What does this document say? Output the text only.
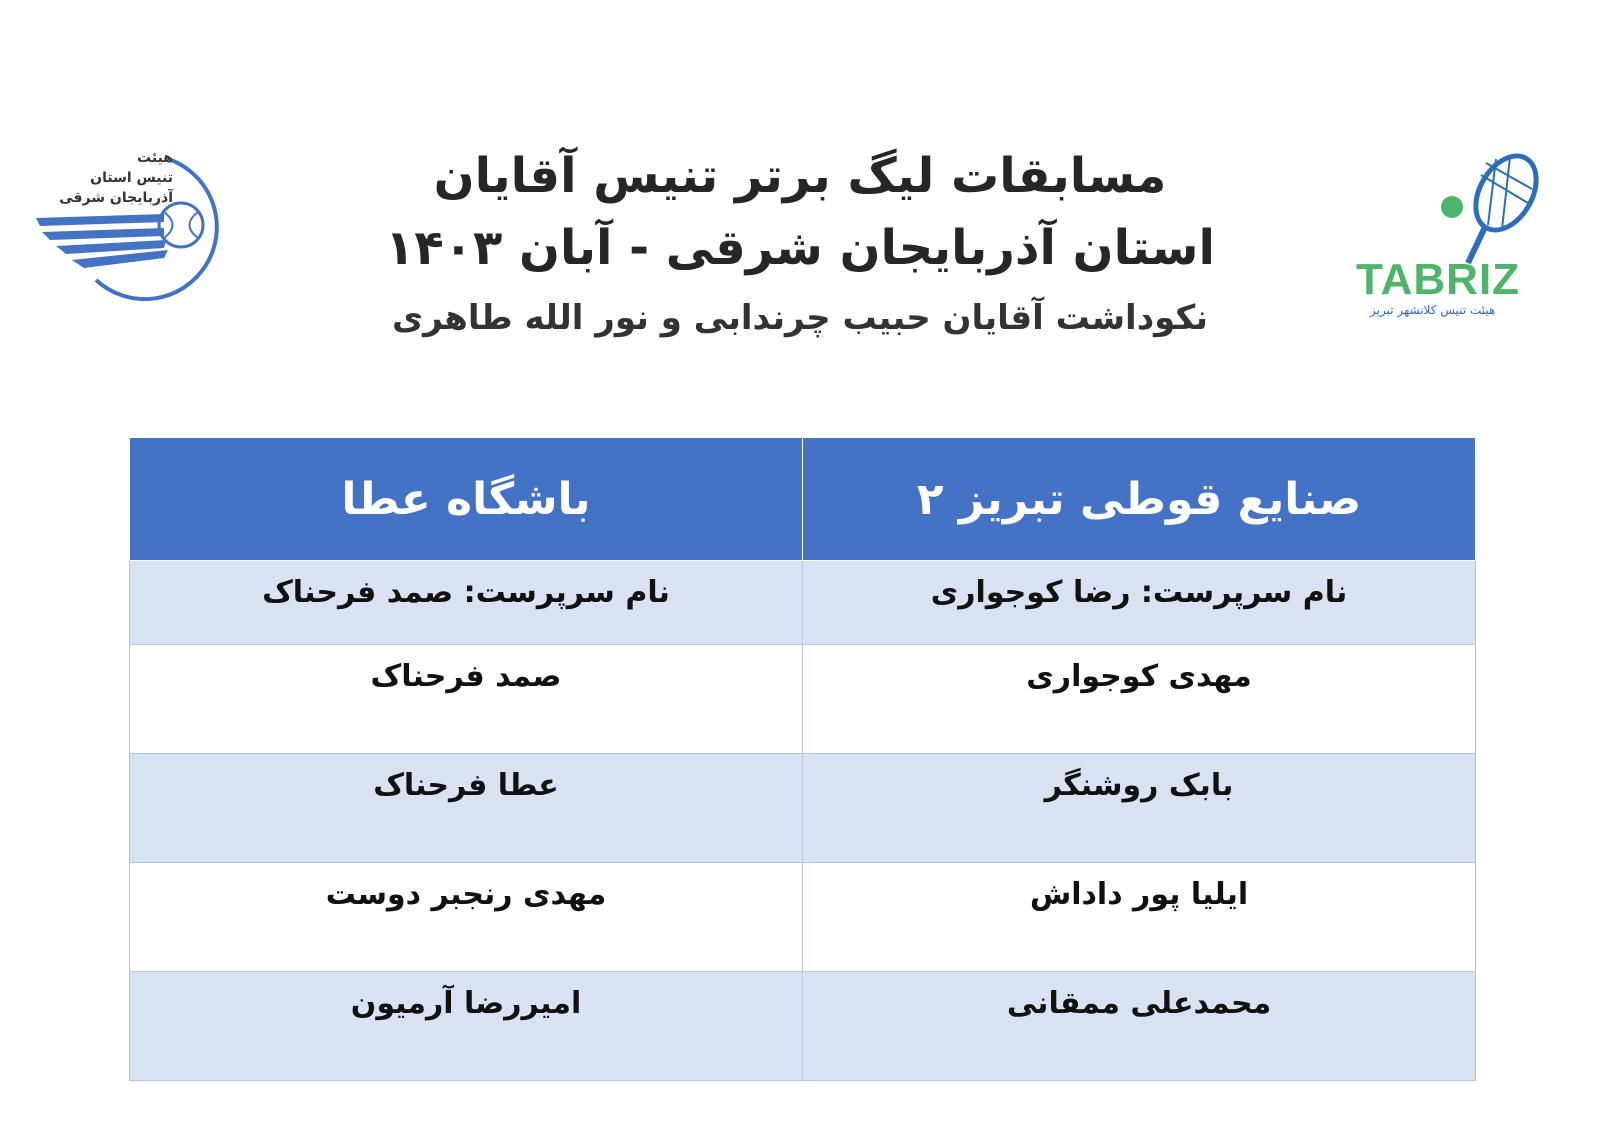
هیئت
تنیس استان
آذربایجان شرقی	مسابقات لیگ برتر تنیس آقایان
استان آذربایجان شرقی - آبان ۱۴۰۳
نکوداشت آقایان حبیب چرندابی و نور الله طاهری
TABRIZ
هیئت تنیس کلانشهر تبریز
صنایع قوطی تبریز ۲	باشگاه عطا
نام سرپرست: رضا کوجواری	نام سرپرست: صمد فرحناک
مهدی کوجواری	صمد فرحناک
بابک روشنگر	عطا فرحناک
ایلیا پور داداش	مهدی رنجبر دوست
محمدعلی ممقانی	امیررضا آرمیون
